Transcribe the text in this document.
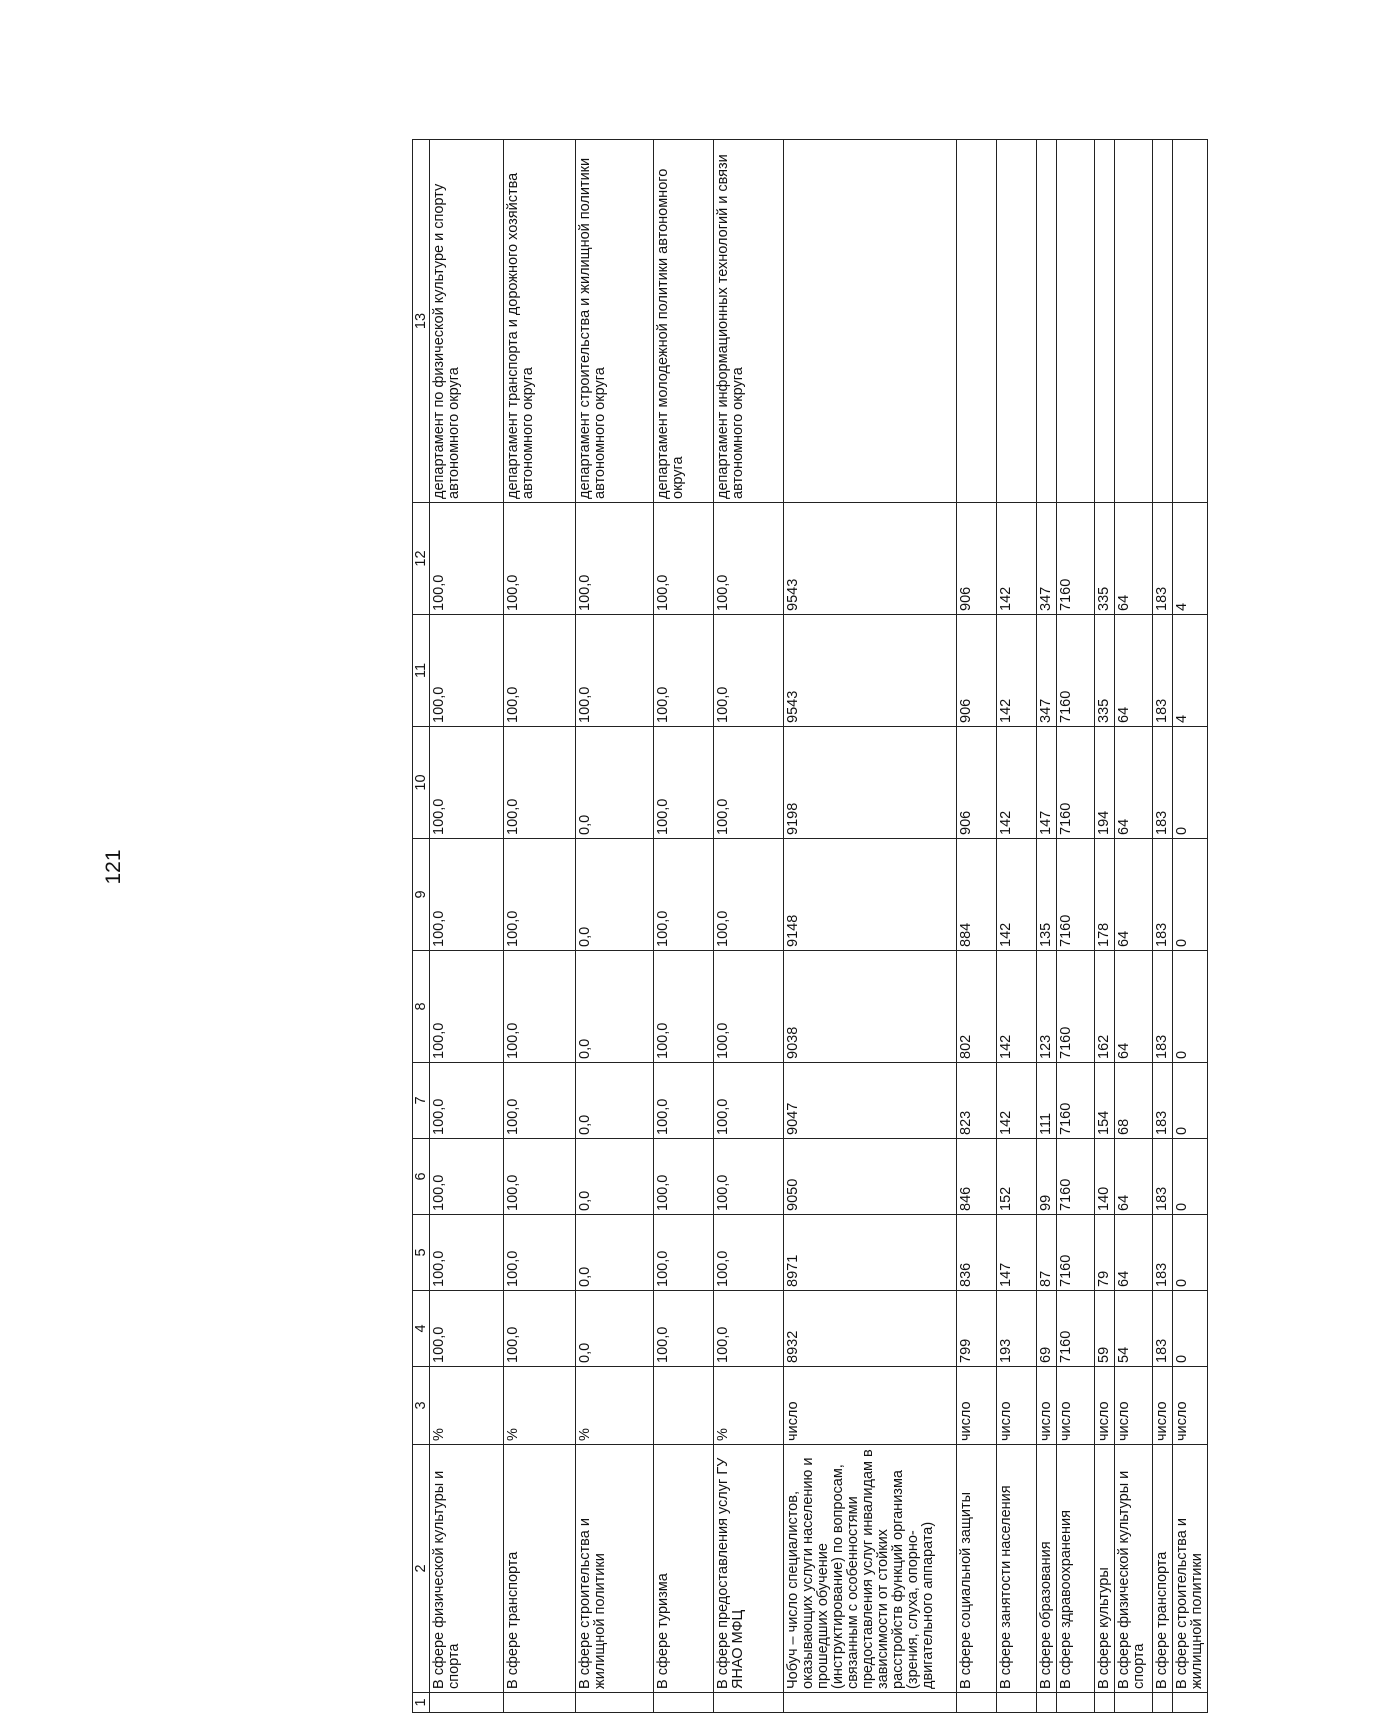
121
1	2	3	4	5	6	7	8	9	10	11	12	13
	В сфере физической культуры и спорта	%	100,0	100,0	100,0	100,0	100,0	100,0	100,0	100,0	100,0	департамент по физической культуре и спорту автономного округа
	В сфере транспорта	%	100,0	100,0	100,0	100,0	100,0	100,0	100,0	100,0	100,0	департамент транспорта и дорожного хозяйства автономного округа
	В сфере строительства и жилищной политики	%	0,0	0,0	0,0	0,0	0,0	0,0	0,0	100,0	100,0	департамент строительства и жилищной политики автономного округа
	В сфере туризма		100,0	100,0	100,0	100,0	100,0	100,0	100,0	100,0	100,0	департамент молодежной политики автономного округа
	В сфере предоставления услуг ГУ ЯНАО МФЦ	%	100,0	100,0	100,0	100,0	100,0	100,0	100,0	100,0	100,0	департамент информационных технологий и связи автономного округа
	Чобуч – число специалистов, оказывающих услуги населению и прошедших обучение (инструктирование) по вопросам, связанным с особенностями предоставления услуг инвалидам в зависимости от стойких расстройств функций организма (зрения, слуха, опорно-двигательного аппарата)	число	8932	8971	9050	9047	9038	9148	9198	9543	9543	
	В сфере социальной защиты	число	799	836	846	823	802	884	906	906	906	
	В сфере занятости населения	число	193	147	152	142	142	142	142	142	142	
	В сфере образования	число	69	87	99	111	123	135	147	347	347	
	В сфере здравоохранения	число	7160	7160	7160	7160	7160	7160	7160	7160	7160	
	В сфере культуры	число	59	79	140	154	162	178	194	335	335	
	В сфере физической культуры и спорта	число	54	64	64	68	64	64	64	64	64	
	В сфере транспорта	число	183	183	183	183	183	183	183	183	183	
	В сфере строительства и жилищной политики	число	0	0	0	0	0	0	0	4	4	
